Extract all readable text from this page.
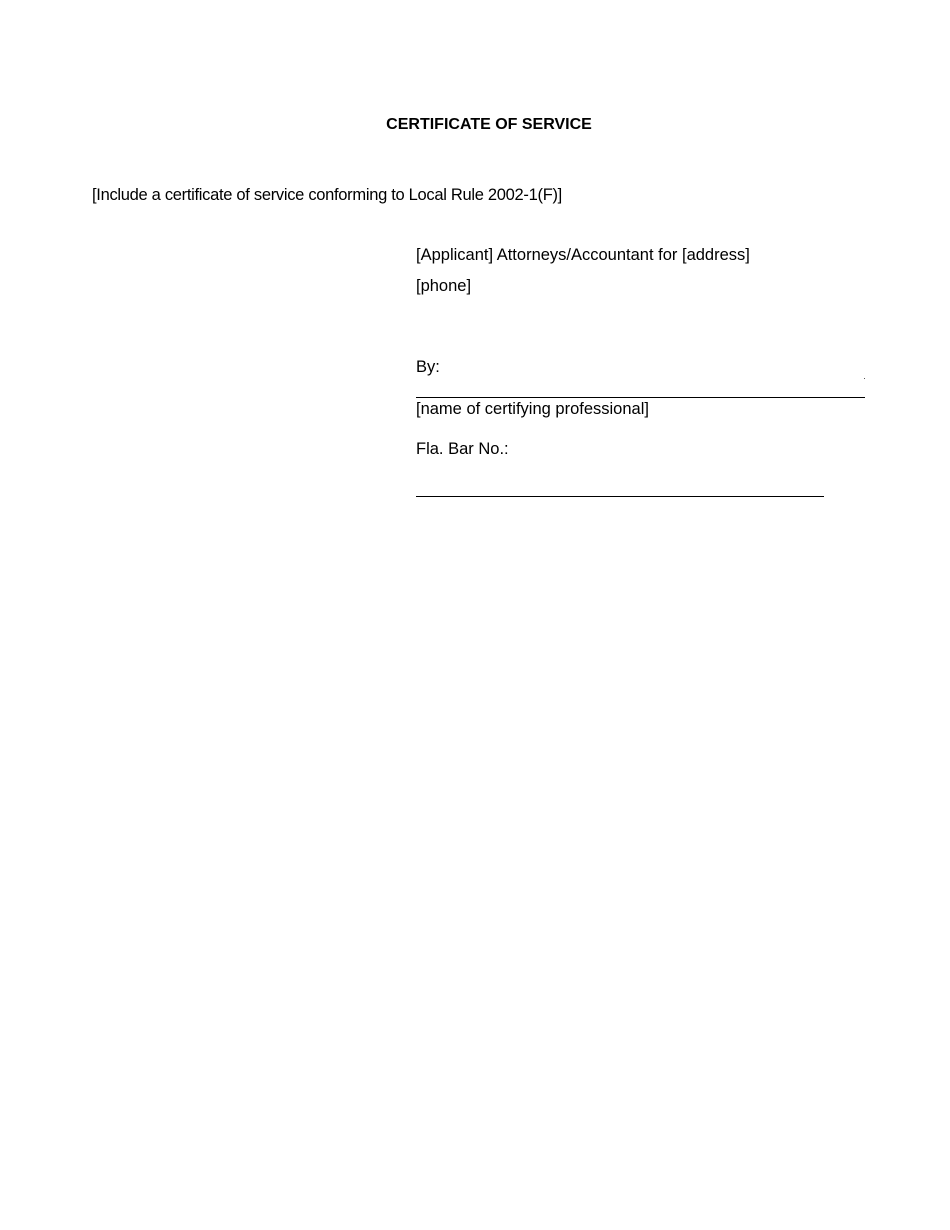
CERTIFICATE OF SERVICE
[Include a certificate of service conforming to Local Rule 2002-1(F)]
[Applicant] Attorneys/Accountant for [address]
[phone]
By:
[name of certifying professional]
Fla. Bar No.:
